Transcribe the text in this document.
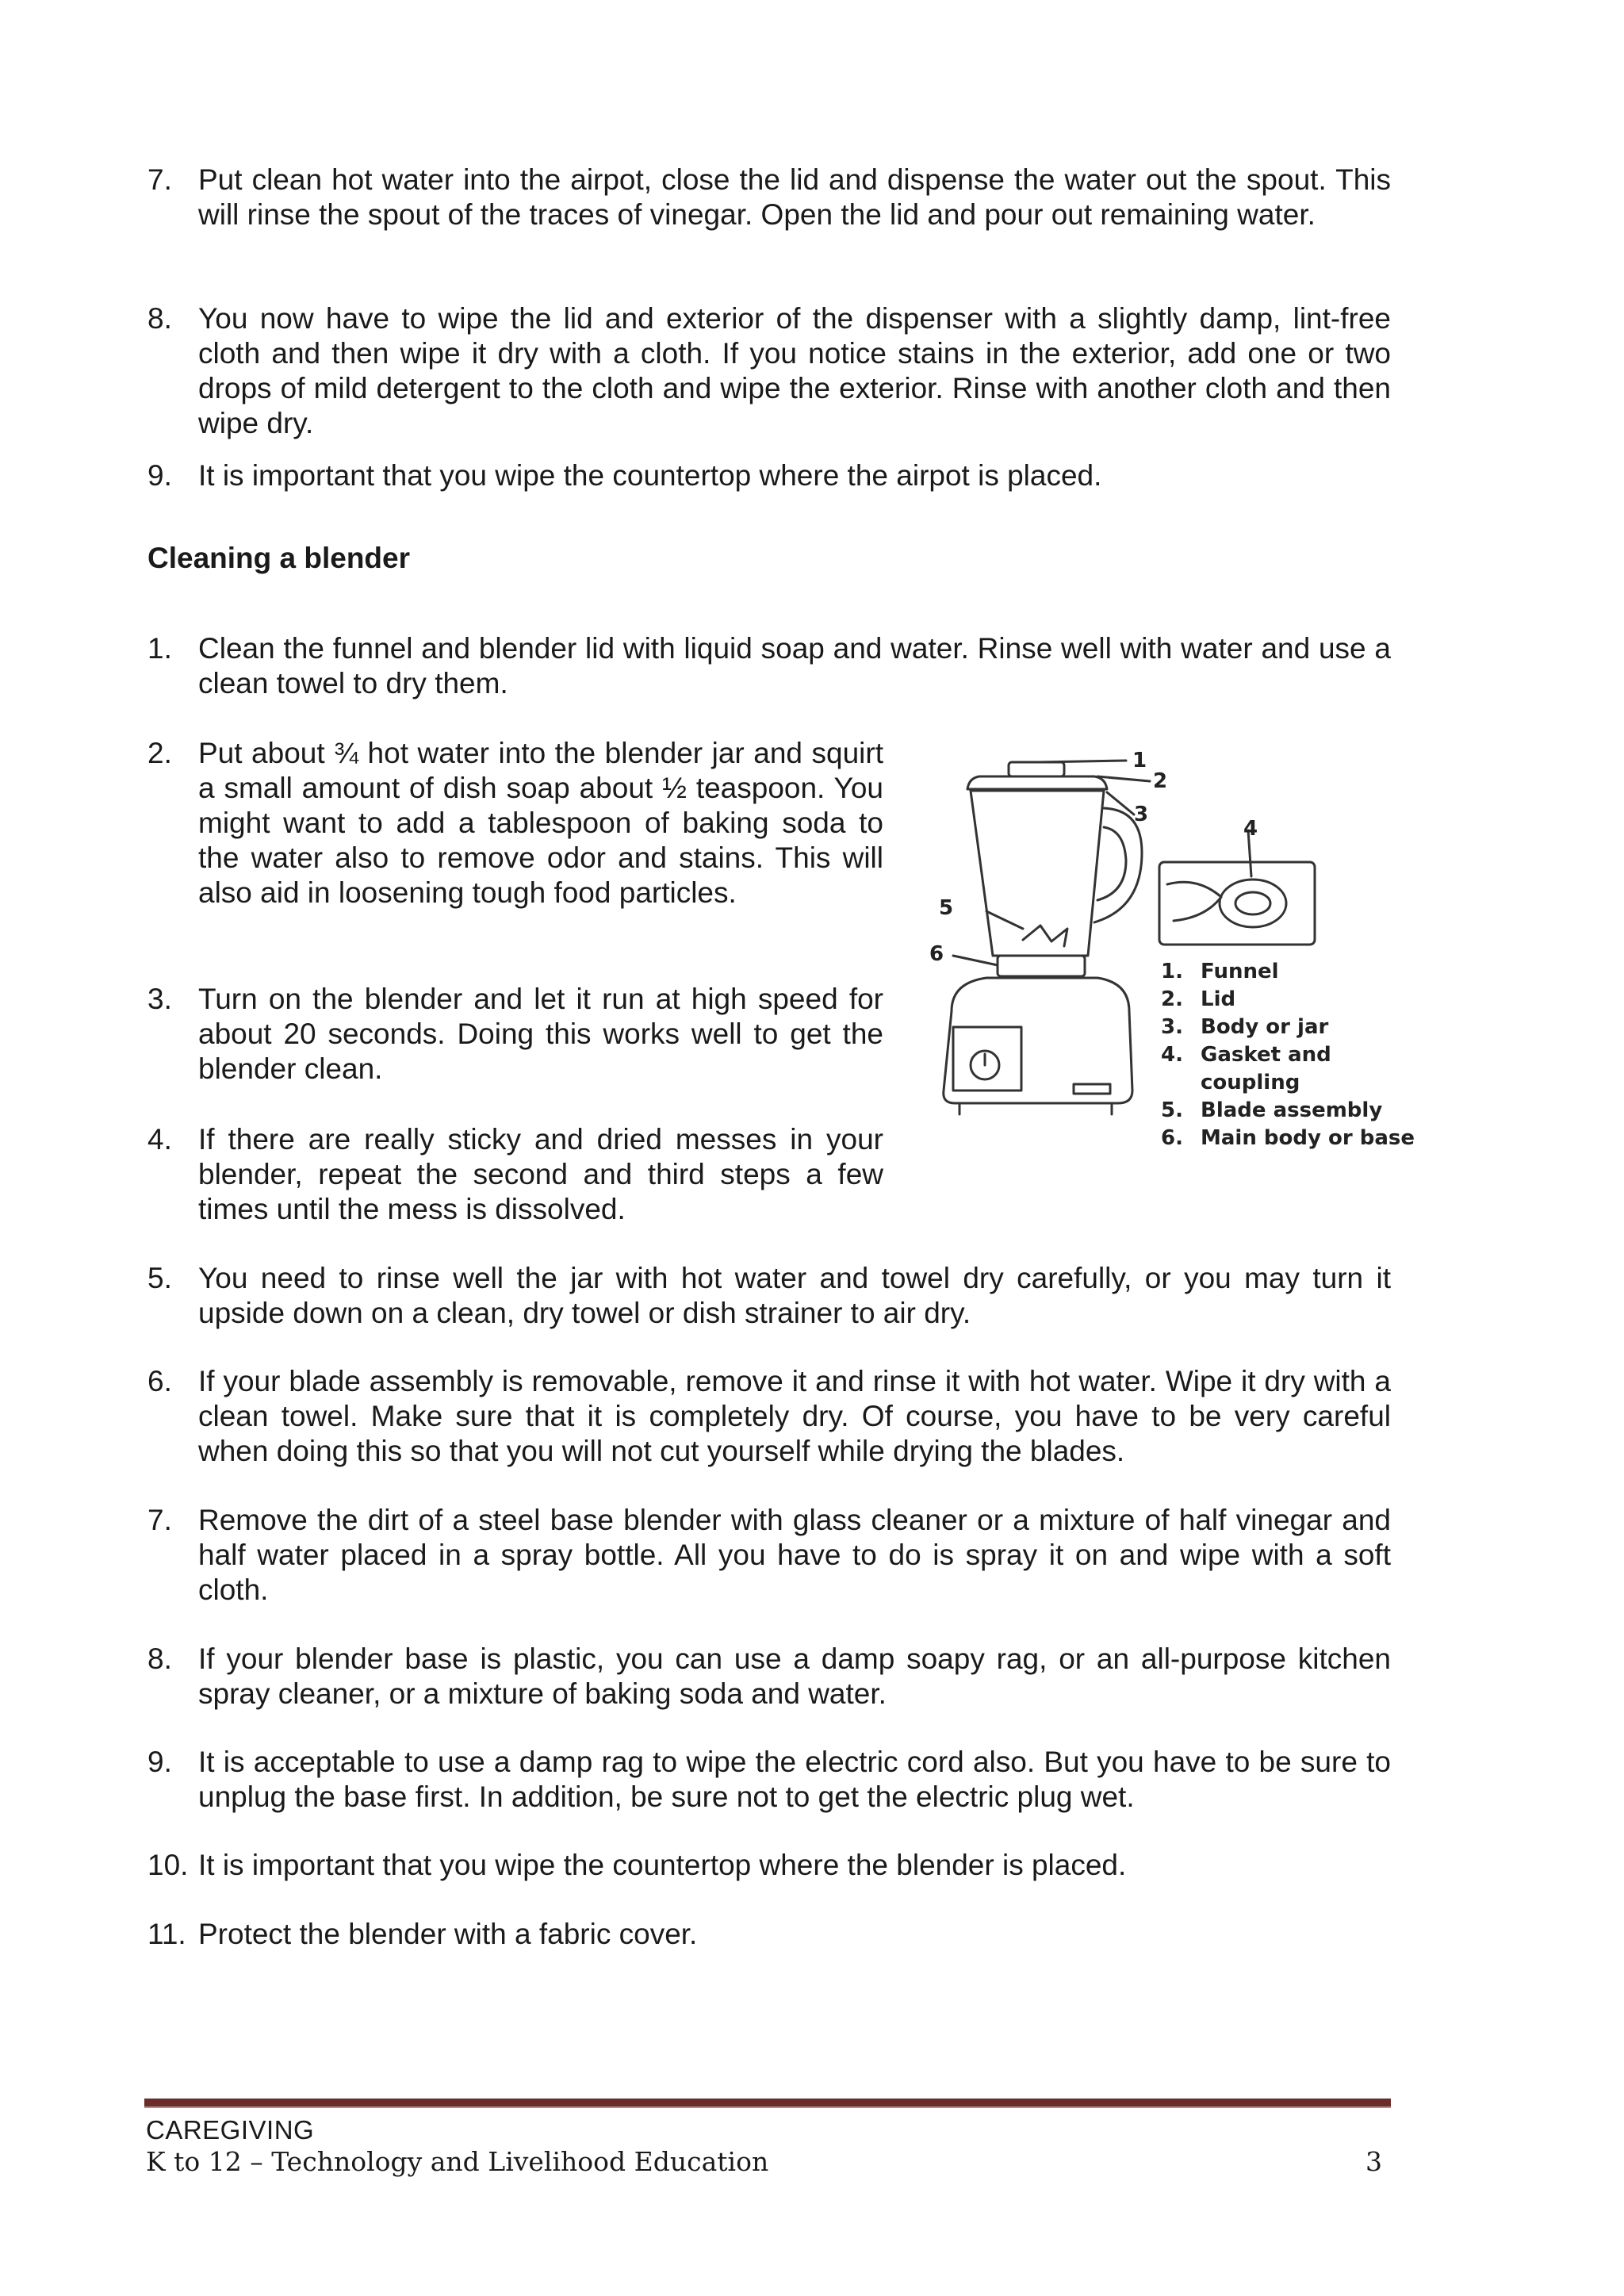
7. Put clean hot water into the airpot, close the lid and dispense the water out the spout. This will rinse the spout of the traces of vinegar. Open the lid and pour out remaining water.
8. You now have to wipe the lid and exterior of the dispenser with a slightly damp, lint-free cloth and then wipe it dry with a cloth. If you notice stains in the exterior, add one or two drops of mild detergent to the cloth and wipe the exterior. Rinse with another cloth and then wipe dry.
9. It is important that you wipe the countertop where the airpot is placed.
Cleaning a blender
1. Clean the funnel and blender lid with liquid soap and water. Rinse well with water and use a clean towel to dry them.
2. Put about ¾ hot water into the blender jar and squirt a small amount of dish soap about ½ teaspoon. You might want to add a tablespoon of baking soda to the water also to remove odor and stains. This will also aid in loosening tough food particles.
3. Turn on the blender and let it run at high speed for about 20 seconds. Doing this works well to get the blender clean.
4. If there are really sticky and dried messes in your blender, repeat the second and third steps a few times until the mess is dissolved.
5. You need to rinse well the jar with hot water and towel dry carefully, or you may turn it upside down on a clean, dry towel or dish strainer to air dry.
6. If your blade assembly is removable, remove it and rinse it with hot water. Wipe it dry with a clean towel. Make sure that it is completely dry. Of course, you have to be very careful when doing this so that you will not cut yourself while drying the blades.
7. Remove the dirt of a steel base blender with glass cleaner or a mixture of half vinegar and half water placed in a spray bottle. All you have to do is spray it on and wipe with a soft cloth.
8. If your blender base is plastic, you can use a damp soapy rag, or an all-purpose kitchen spray cleaner, or a mixture of baking soda and water.
9. It is acceptable to use a damp rag to wipe the electric cord also. But you have to be sure to unplug the base first. In addition, be sure not to get the electric plug wet.
10. It is important that you wipe the countertop where the blender is placed.
11. Protect the blender with a fabric cover.
1
2
3
4
5
6
1. Funnel
2. Lid
3. Body or jar
4. Gasket and
coupling
5. Blade assembly
6. Main body or base
CAREGIVING
K to 12 – Technology and Livelihood Education	3
